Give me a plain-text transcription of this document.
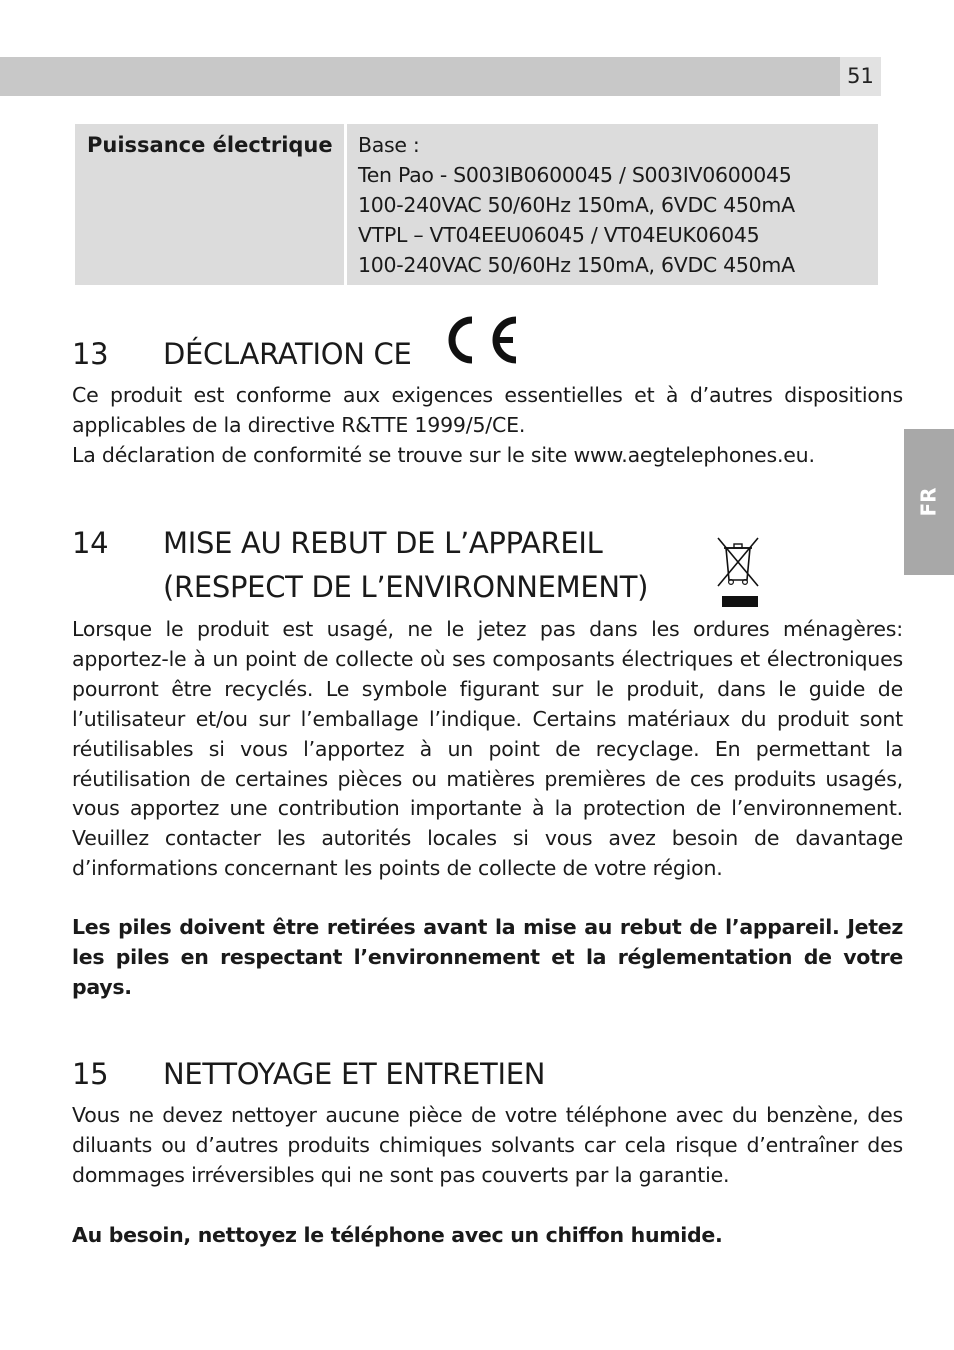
51
FR
Puissance électrique	Base :
Ten Pao - S003IB0600045 / S003IV0600045
100-240VAC 50/60Hz 150mA, 6VDC 450mA
VTPL – VT04EEU06045 / VT04EUK06045
100-240VAC 50/60Hz 150mA, 6VDC 450mA
13 DÉCLARATION CE

Ce produit est conforme aux exigences essentielles et à d’autres dispositions applicables de la directive R&TTE 1999/5/CE.

La déclaration de conformité se trouve sur le site www.aegtelephones.eu.

14 MISE AU REBUT DE L’APPAREIL
(RESPECT DE L’ENVIRONNEMENT)

Lorsque le produit est usagé, ne le jetez pas dans les ordures ménagères: apportez-le à un point de collecte où ses composants électriques et électroniques pourront être recyclés. Le symbole figurant sur le produit, dans le guide de l’utilisateur et/ou sur l’emballage l’indique. Certains matériaux du produit sont réutilisables si vous l’apportez à un point de recyclage. En permettant la réutilisation de certaines pièces ou matières premières de ces produits usagés, vous apportez une contribution importante à la protection de l’environnement. Veuillez contacter les autorités locales si vous avez besoin de davantage d’informations concernant les points de collecte de votre région.

Les piles doivent être retirées avant la mise au rebut de l’appareil. Jetez les piles en respectant l’environnement et la réglementation de votre pays.

15 NETTOYAGE ET ENTRETIEN

Vous ne devez nettoyer aucune pièce de votre téléphone avec du benzène, des diluants ou d’autres produits chimiques solvants car cela risque d’entraîner des dommages irréversibles qui ne sont pas couverts par la garantie.

Au besoin, nettoyez le téléphone avec un chiffon humide.
